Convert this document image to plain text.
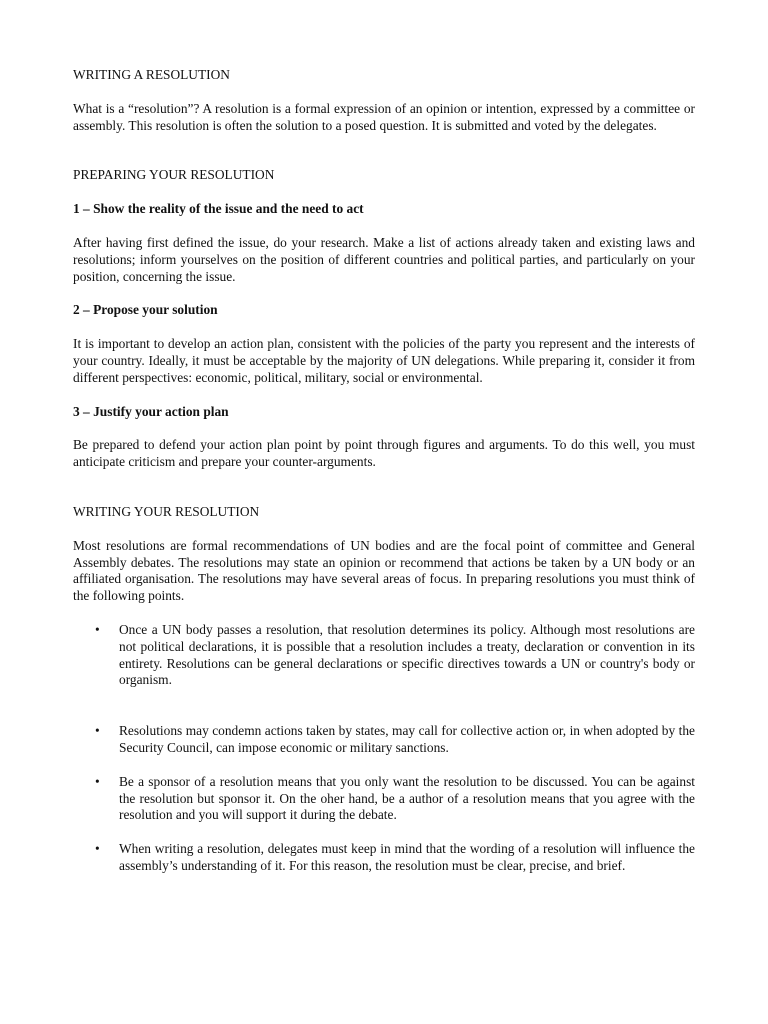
WRITING A RESOLUTION

What is a “resolution”? A resolution is a formal expression of an opinion or intention, expressed by a committee or assembly. This resolution is often the solution to a posed question. It is submitted and voted by the delegates.

PREPARING YOUR RESOLUTION

1 – Show the reality of the issue and the need to act

After having first defined the issue, do your research. Make a list of actions already taken and existing laws and resolutions; inform yourselves on the position of different countries and political parties, and particularly on your position, concerning the issue.

2 – Propose your solution

It is important to develop an action plan, consistent with the policies of the party you represent and the interests of your country. Ideally, it must be acceptable by the majority of UN delegations. While preparing it, consider it from different perspectives: economic, political, military, social or environmental.

3 – Justify your action plan

Be prepared to defend your action plan point by point through figures and arguments. To do this well, you must anticipate criticism and prepare your counter-arguments.

WRITING YOUR RESOLUTION

Most resolutions are formal recommendations of UN bodies and are the focal point of committee and General Assembly debates. The resolutions may state an opinion or recommend that actions be taken by a UN body or an affiliated organisation. The resolutions may have several areas of focus. In preparing resolutions you must think of the following points.

• Once a UN body passes a resolution, that resolution determines its policy. Although most resolutions are not political declarations, it is possible that a resolution includes a treaty, declaration or convention in its entirety. Resolutions can be general declarations or specific directives towards a UN or country's body or organism.
• Resolutions may condemn actions taken by states, may call for collective action or, in when adopted by the Security Council, can impose economic or military sanctions.
• Be a sponsor of a resolution means that you only want the resolution to be discussed. You can be against the resolution but sponsor it. On the oher hand, be a author of a resolution means that you agree with the resolution and you will support it during the debate.
• When writing a resolution, delegates must keep in mind that the wording of a resolution will influence the assembly’s understanding of it. For this reason, the resolution must be clear, precise, and brief.
